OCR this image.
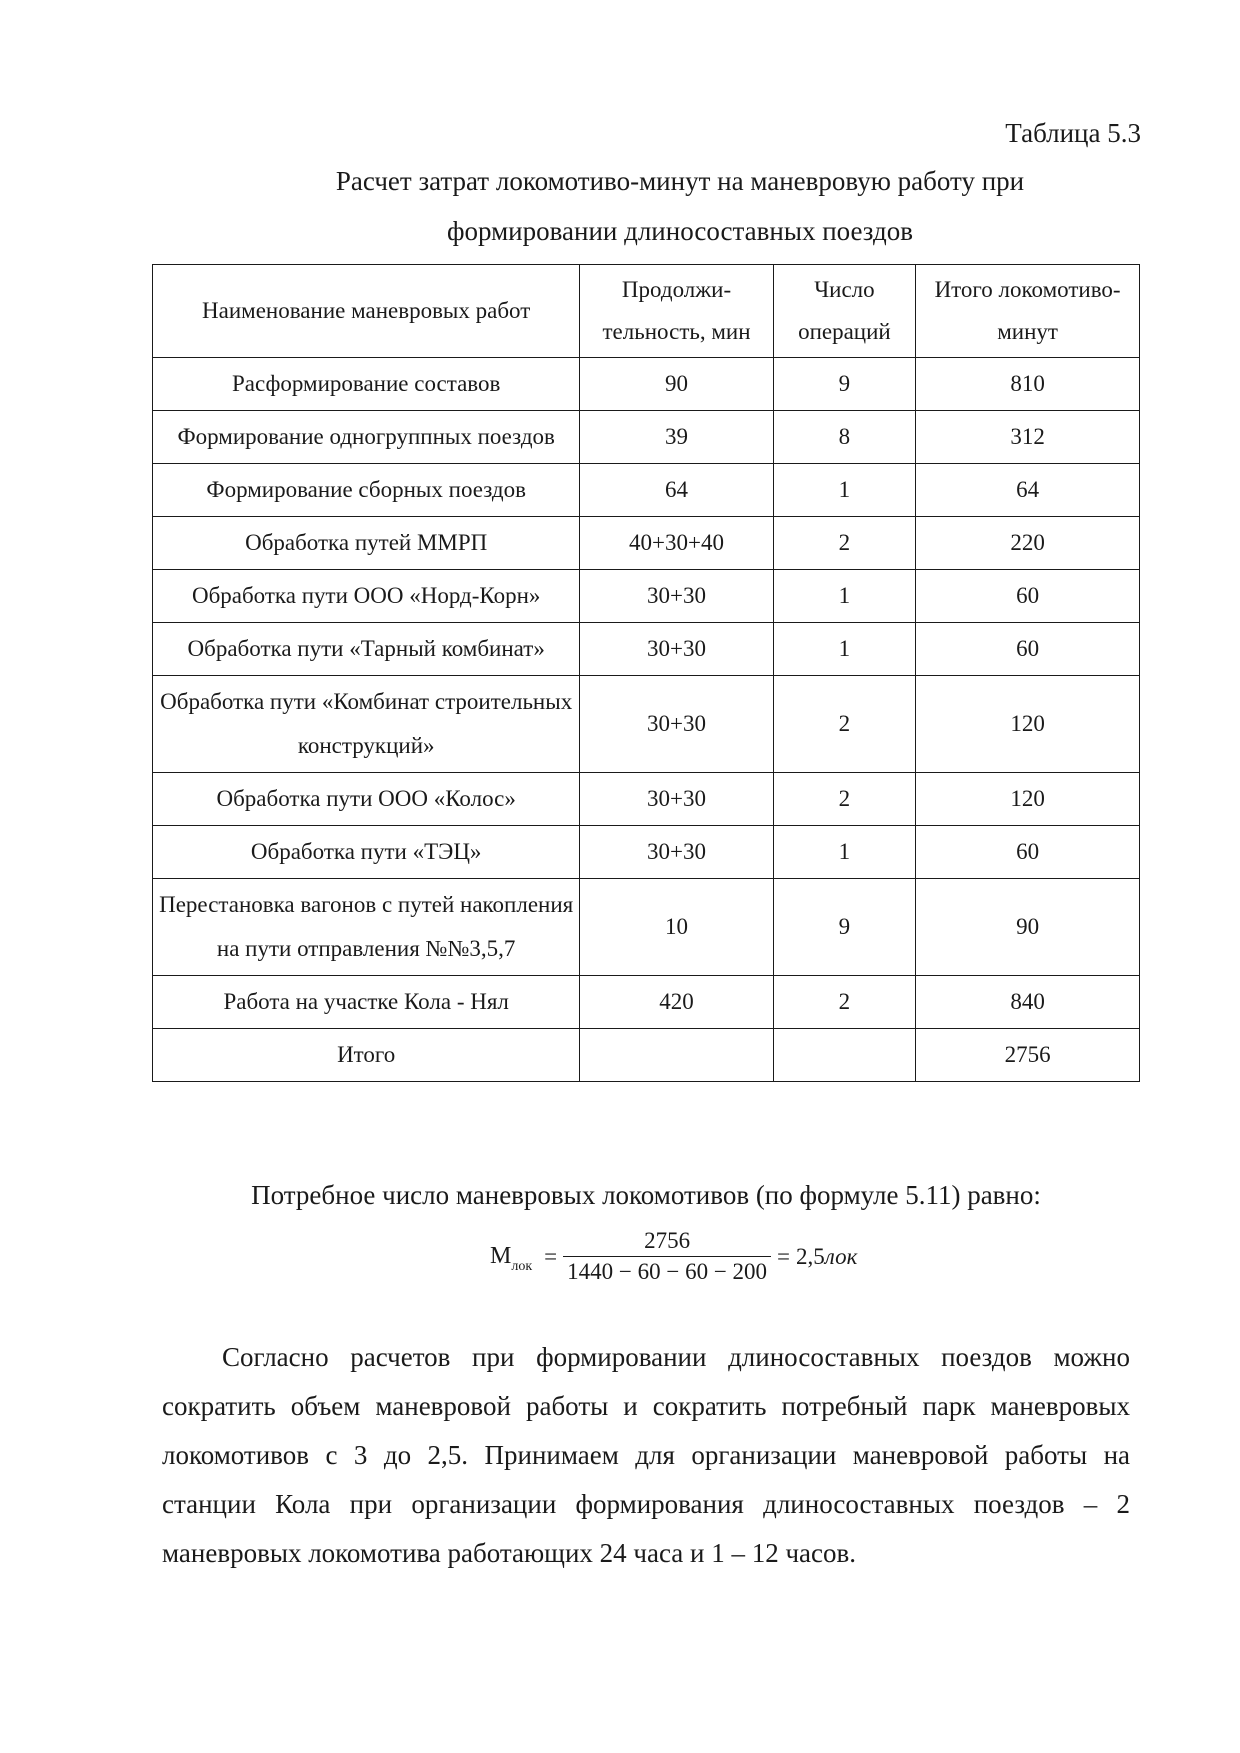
Таблица 5.3
Расчет затрат локомотиво-минут на маневровую работу при
формировании длиносоставных поездов
Наименование маневровых работ	Продолжи-тельность, мин	Число операций	Итого локомотиво-минут
Расформирование составов	90	9	810
Формирование одногруппных поездов	39	8	312
Формирование сборных поездов	64	1	64
Обработка путей ММРП	40+30+40	2	220
Обработка пути ООО «Норд-Корн»	30+30	1	60
Обработка пути «Тарный комбинат»	30+30	1	60
Обработка пути «Комбинат строительных конструкций»	30+30	2	120
Обработка пути ООО «Колос»	30+30	2	120
Обработка пути «ТЭЦ»	30+30	1	60
Перестановка вагонов с путей накопления на пути отправления №№3,5,7	10	9	90
Работа на участке Кола - Нял	420	2	840
Итого			2756
Потребное число маневровых локомотивов (по формуле 5.11) равно:
М лок = $\frac{2756}{1440 - 60 - 60 - 200} = 2,5$ лок

Согласно расчетов при формировании длиносоставных поездов можно сократить объем маневровой работы и сократить потребный парк маневровых локомотивов с 3 до 2,5. Принимаем для организации маневровой работы на станции Кола при организации формирования длиносоставных поездов – 2 маневровых локомотива работающих 24 часа и 1 – 12 часов.
